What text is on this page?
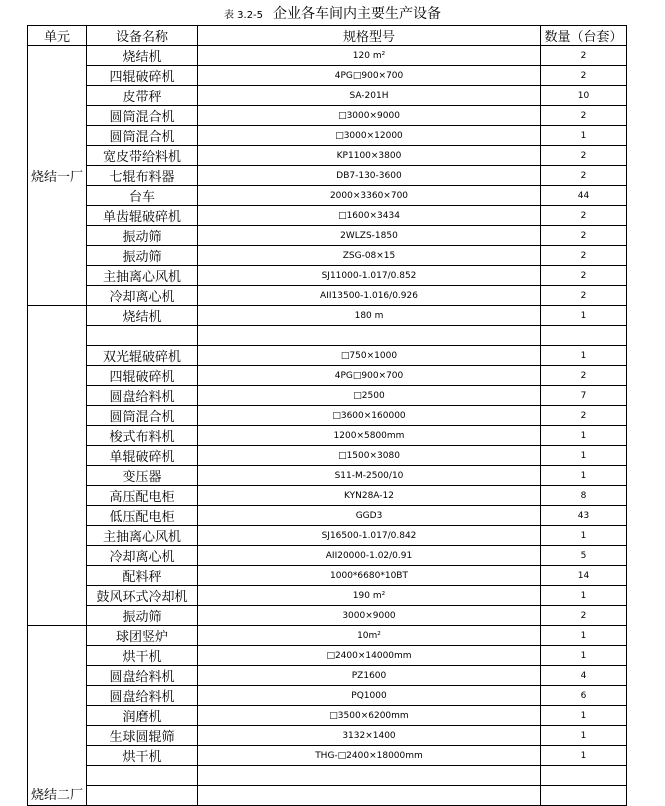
表 3.2-5 企业各车间内主要生产设备
单元	设备名称	规格型号	数量（台套）
烧结一厂	烧结机	120 m²	2
	四辊破碎机	4PG□900×700	2
	皮带秤	SA-201H	10
	圆筒混合机	□3000×9000	2
	圆筒混合机	□3000×12000	1
	宽皮带给料机	KP1100×3800	2
	七辊布料器	DB7-130-3600	2
	台车	2000×3360×700	44
	单齿辊破碎机	□1600×3434	2
	振动筛	2WLZS-1850	2
	振动筛	ZSG-08×15	2
	主抽离心风机	SJ11000-1.017/0.852	2
	冷却离心机	AII13500-1.016/0.926	2
	烧结机	180 m	1

	双光辊破碎机	□750×1000	1
	四辊破碎机	4PG□900×700	2
	圆盘给料机	□2500	7
	圆筒混合机	□3600×160000	2
	梭式布料机	1200×5800mm	1
	单辊破碎机	□1500×3080	1
	变压器	S11-M-2500/10	1
	高压配电柜	KYN28A-12	8
	低压配电柜	GGD3	43
	主抽离心风机	SJ16500-1.017/0.842	1
	冷却离心机	AII20000-1.02/0.91	5
	配料秤	1000*6680*10BT	14
	鼓风环式冷却机	190 m²	1
	振动筛	3000×9000	2
烧结二厂	球团竖炉	10m²	1
	烘干机	□2400×14000mm	1
	圆盘给料机	PZ1600	4
	圆盘给料机	PQ1000	6
	润磨机	□3500×6200mm	1
	生球圆辊筛	3132×1400	1
	烘干机	THG-□2400×18000mm	1
